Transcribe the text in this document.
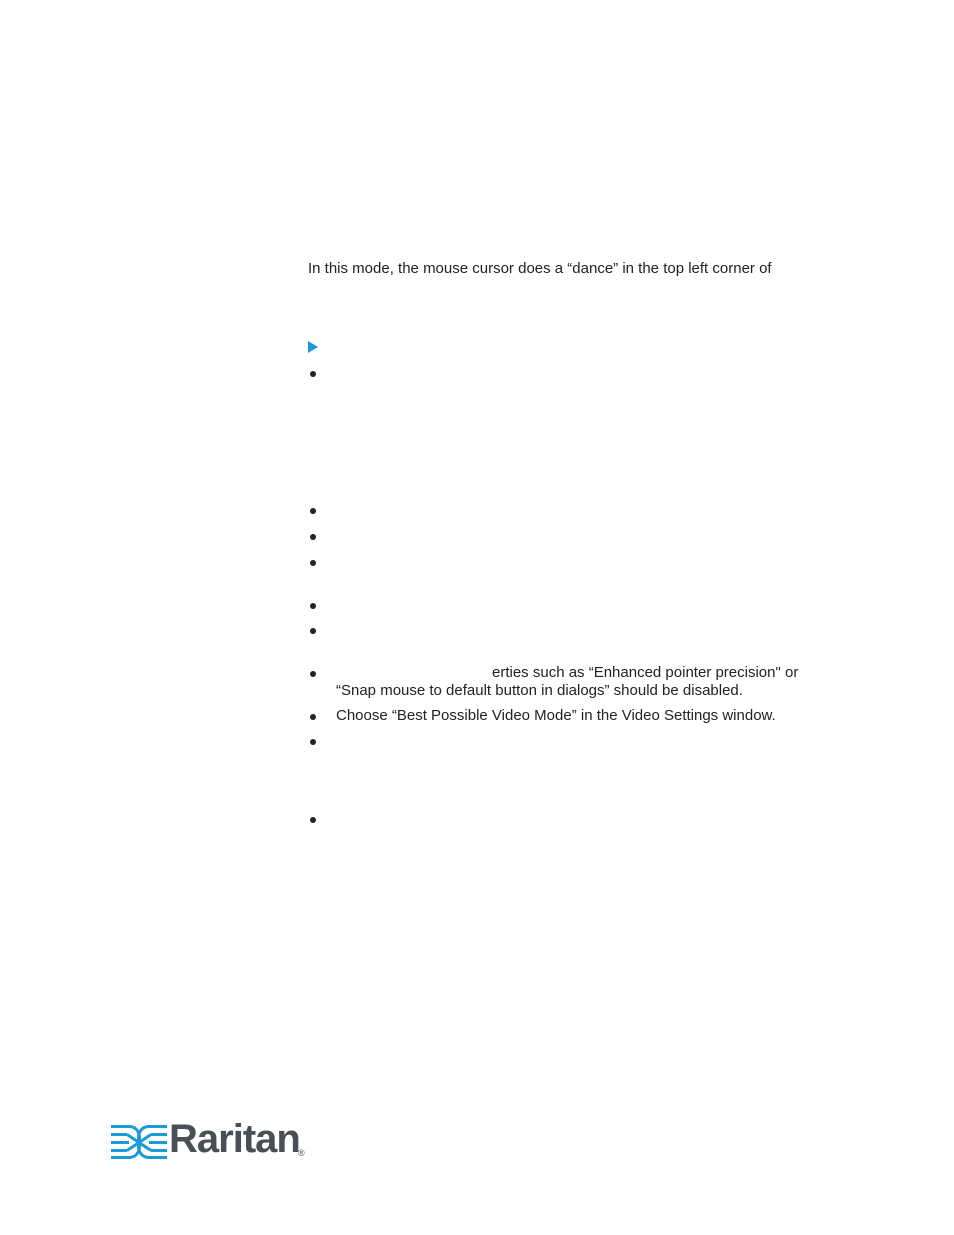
In this mode, the mouse cursor does a “dance” in the top left corner of
erties such as “Enhanced pointer precision" or
“Snap mouse to default button in dialogs” should be disabled.
Choose “Best Possible Video Mode” in the Video Settings window.
Raritan
®
